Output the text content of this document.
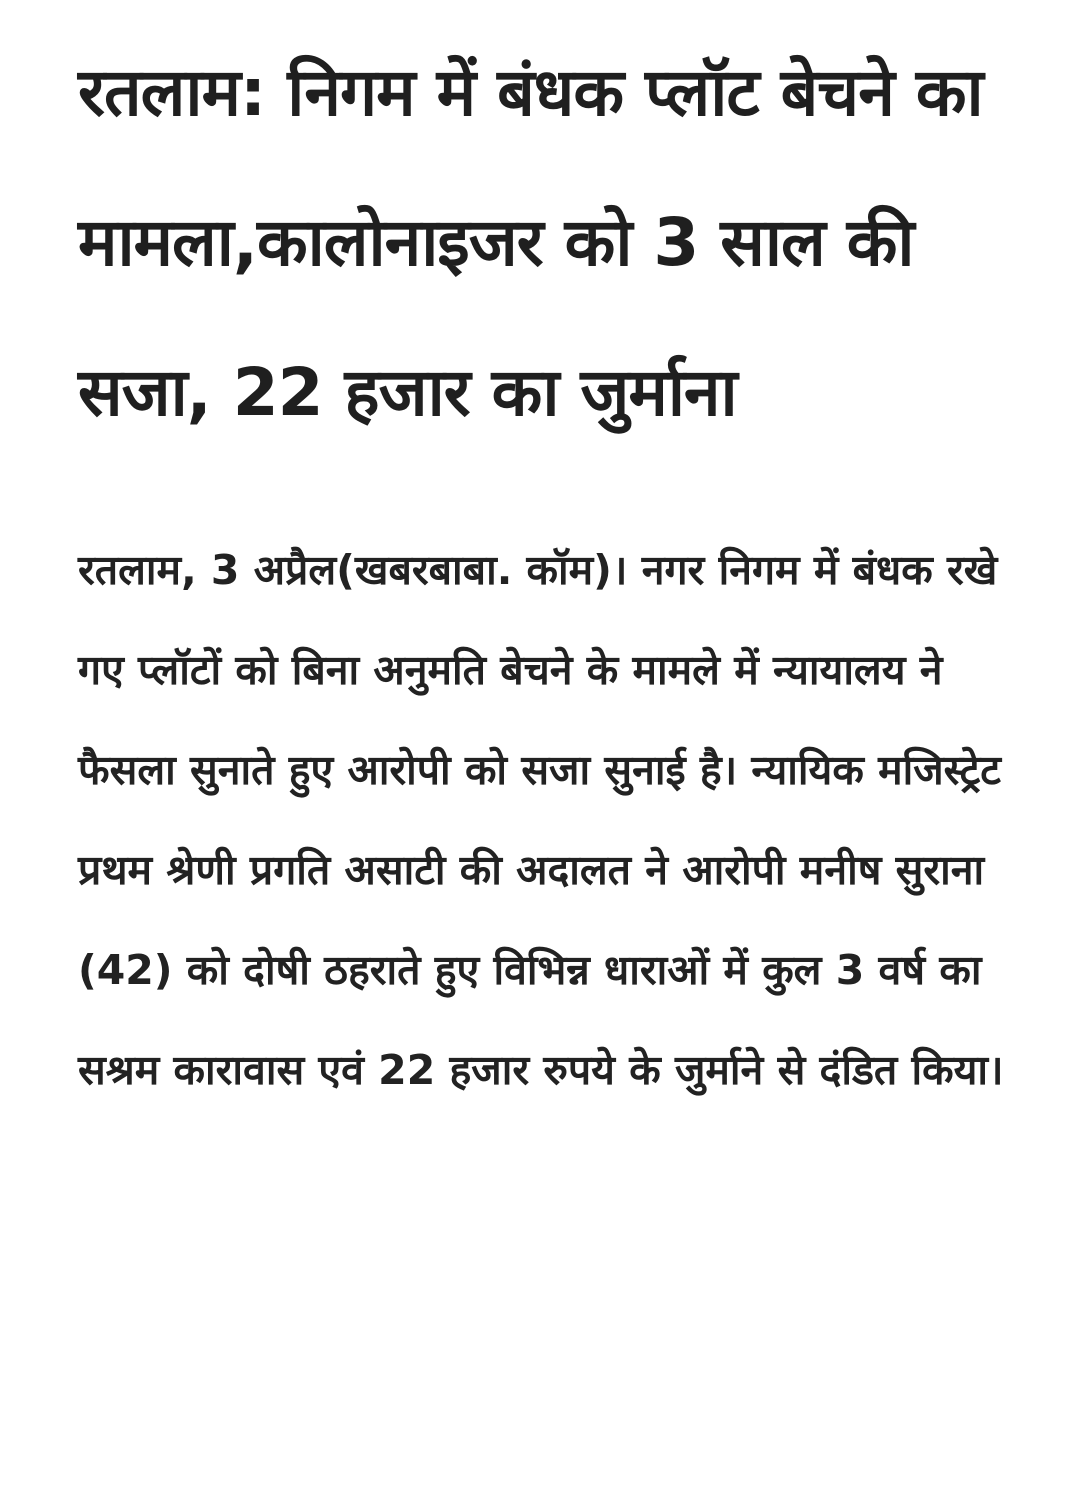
रतलाम: निगम में बंधक प्लॉट बेचने का मामला,कालोनाइजर को 3 साल की सजा, 22 हजार का जुर्माना

रतलाम, 3 अप्रैल(खबरबाबा. कॉम)। नगर निगम में बंधक रखे गए प्लॉटों को बिना अनुमति बेचने के मामले में न्यायालय ने फैसला सुनाते हुए आरोपी को सजा सुनाई है। न्यायिक मजिस्ट्रेट प्रथम श्रेणी प्रगति असाटी की अदालत ने आरोपी मनीष सुराना (42) को दोषी ठहराते हुए विभिन्न धाराओं में कुल 3 वर्ष का सश्रम कारावास एवं 22 हजार रुपये के जुर्माने से दंडित किया।
